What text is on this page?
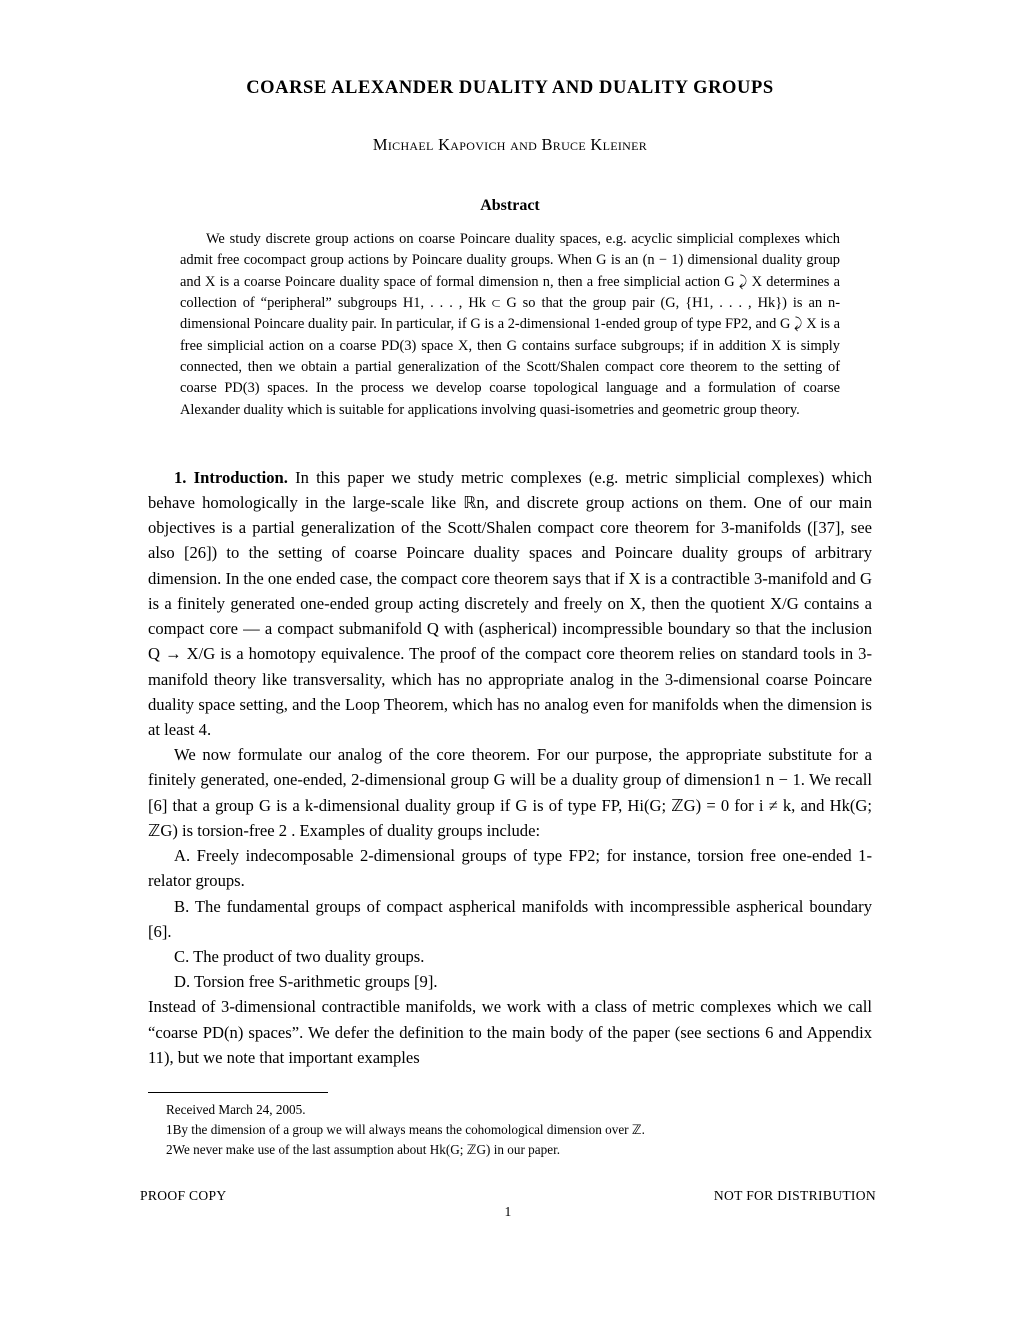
COARSE ALEXANDER DUALITY AND DUALITY GROUPS
Michael Kapovich and Bruce Kleiner
Abstract

We study discrete group actions on coarse Poincare duality spaces, e.g. acyclic simplicial complexes which admit free cocompact group actions by Poincare duality groups. When G is an (n − 1) dimensional duality group and X is a coarse Poincare duality space of formal dimension n, then a free simplicial action G ⤸ X determines a collection of “peripheral” subgroups H1, . . . , Hk ⊂ G so that the group pair (G, {H1, . . . , Hk}) is an n-dimensional Poincare duality pair. In particular, if G is a 2-dimensional 1-ended group of type FP2, and G ⤸ X is a free simplicial action on a coarse PD(3) space X, then G contains surface subgroups; if in addition X is simply connected, then we obtain a partial generalization of the Scott/Shalen compact core theorem to the setting of coarse PD(3) spaces. In the process we develop coarse topological language and a formulation of coarse Alexander duality which is suitable for applications involving quasi-isometries and geometric group theory.

1. Introduction. In this paper we study metric complexes (e.g. metric simplicial complexes) which behave homologically in the large-scale like ℝn, and discrete group actions on them. One of our main objectives is a partial generalization of the Scott/Shalen compact core theorem for 3-manifolds ([37], see also [26]) to the setting of coarse Poincare duality spaces and Poincare duality groups of arbitrary dimension. In the one ended case, the compact core theorem says that if X is a contractible 3-manifold and G is a finitely generated one-ended group acting discretely and freely on X, then the quotient X/G contains a compact core — a compact submanifold Q with (aspherical) incompressible boundary so that the inclusion Q → X/G is a homotopy equivalence. The proof of the compact core theorem relies on standard tools in 3-manifold theory like transversality, which has no appropriate analog in the 3-dimensional coarse Poincare duality space setting, and the Loop Theorem, which has no analog even for manifolds when the dimension is at least 4.

We now formulate our analog of the core theorem. For our purpose, the appropriate substitute for a finitely generated, one-ended, 2-dimensional group G will be a duality group of dimension1 n − 1. We recall [6] that a group G is a k-dimensional duality group if G is of type FP, Hi(G; ℤG) = 0 for i ≠ k, and Hk(G; ℤG) is torsion-free 2 . Examples of duality groups include:

A. Freely indecomposable 2-dimensional groups of type FP2; for instance, torsion free one-ended 1-relator groups.

B. The fundamental groups of compact aspherical manifolds with incompressible aspherical boundary [6].

C. The product of two duality groups.

D. Torsion free S-arithmetic groups [9].

Instead of 3-dimensional contractible manifolds, we work with a class of metric complexes which we call “coarse PD(n) spaces”. We defer the definition to the main body of the paper (see sections 6 and Appendix 11), but we note that important examples

Received March 24, 2005.

1By the dimension of a group we will always means the cohomological dimension over ℤ.

2We never make use of the last assumption about Hk(G; ℤG) in our paper.

PROOF COPY	NOT FOR DISTRIBUTION
1
